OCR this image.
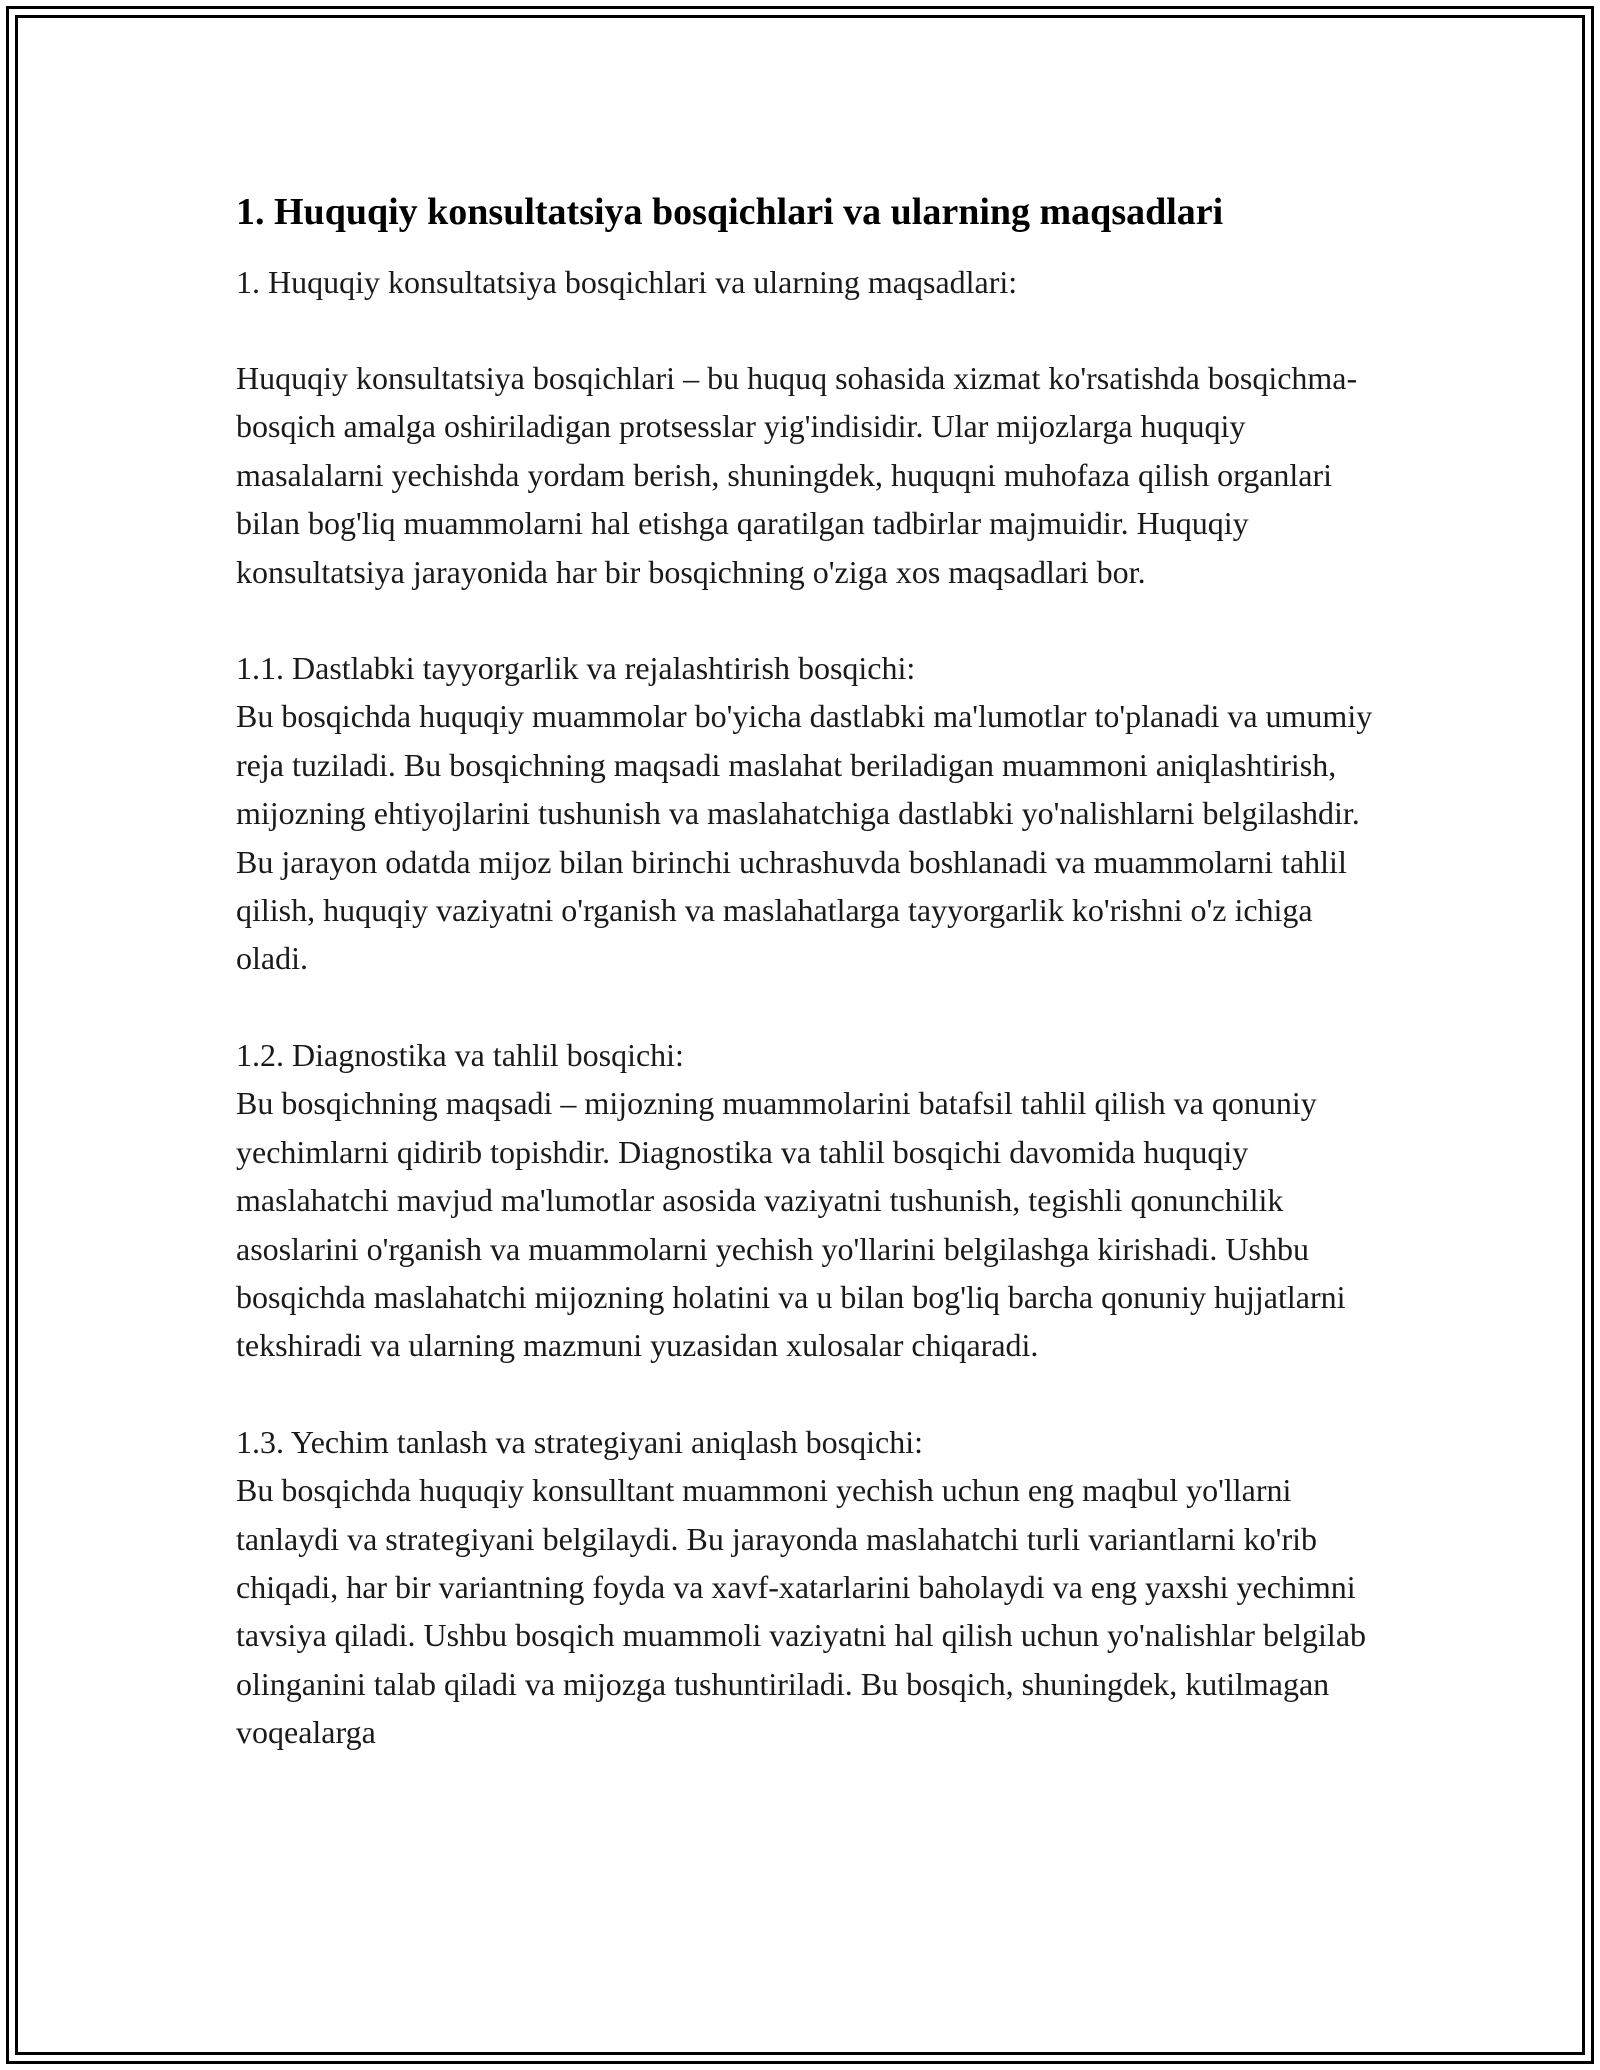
1. Huquqiy konsultatsiya bosqichlari va ularning maqsadlari

1. Huquqiy konsultatsiya bosqichlari va ularning maqsadlari:

Huquqiy konsultatsiya bosqichlari – bu huquq sohasida xizmat ko'rsatishda bosqichma-bosqich amalga oshiriladigan protsesslar yig'indisidir. Ular mijozlarga huquqiy masalalarni yechishda yordam berish, shuningdek, huquqni muhofaza qilish organlari bilan bog'liq muammolarni hal etishga qaratilgan tadbirlar majmuidir. Huquqiy konsultatsiya jarayonida har bir bosqichning o'ziga xos maqsadlari bor.

1.1. Dastlabki tayyorgarlik va rejalashtirish bosqichi:
Bu bosqichda huquqiy muammolar bo'yicha dastlabki ma'lumotlar to'planadi va umumiy reja tuziladi. Bu bosqichning maqsadi maslahat beriladigan muammoni aniqlashtirish, mijozning ehtiyojlarini tushunish va maslahatchiga dastlabki yo'nalishlarni belgilashdir. Bu jarayon odatda mijoz bilan birinchi uchrashuvda boshlanadi va muammolarni tahlil qilish, huquqiy vaziyatni o'rganish va maslahatlarga tayyorgarlik ko'rishni o'z ichiga oladi.
1.2. Diagnostika va tahlil bosqichi:
Bu bosqichning maqsadi – mijozning muammolarini batafsil tahlil qilish va qonuniy yechimlarni qidirib topishdir. Diagnostika va tahlil bosqichi davomida huquqiy maslahatchi mavjud ma'lumotlar asosida vaziyatni tushunish, tegishli qonunchilik asoslarini o'rganish va muammolarni yechish yo'llarini belgilashga kirishadi. Ushbu bosqichda maslahatchi mijozning holatini va u bilan bog'liq barcha qonuniy hujjatlarni tekshiradi va ularning mazmuni yuzasidan xulosalar chiqaradi.
1.3. Yechim tanlash va strategiyani aniqlash bosqichi:
Bu bosqichda huquqiy konsulltant muammoni yechish uchun eng maqbul yo'llarni tanlaydi va strategiyani belgilaydi. Bu jarayonda maslahatchi turli variantlarni ko'rib chiqadi, har bir variantning foyda va xavf-xatarlarini baholaydi va eng yaxshi yechimni tavsiya qiladi. Ushbu bosqich muammoli vaziyatni hal qilish uchun yo'nalishlar belgilab olinganini talab qiladi va mijozga tushuntiriladi. Bu bosqich, shuningdek, kutilmagan voqealarga
